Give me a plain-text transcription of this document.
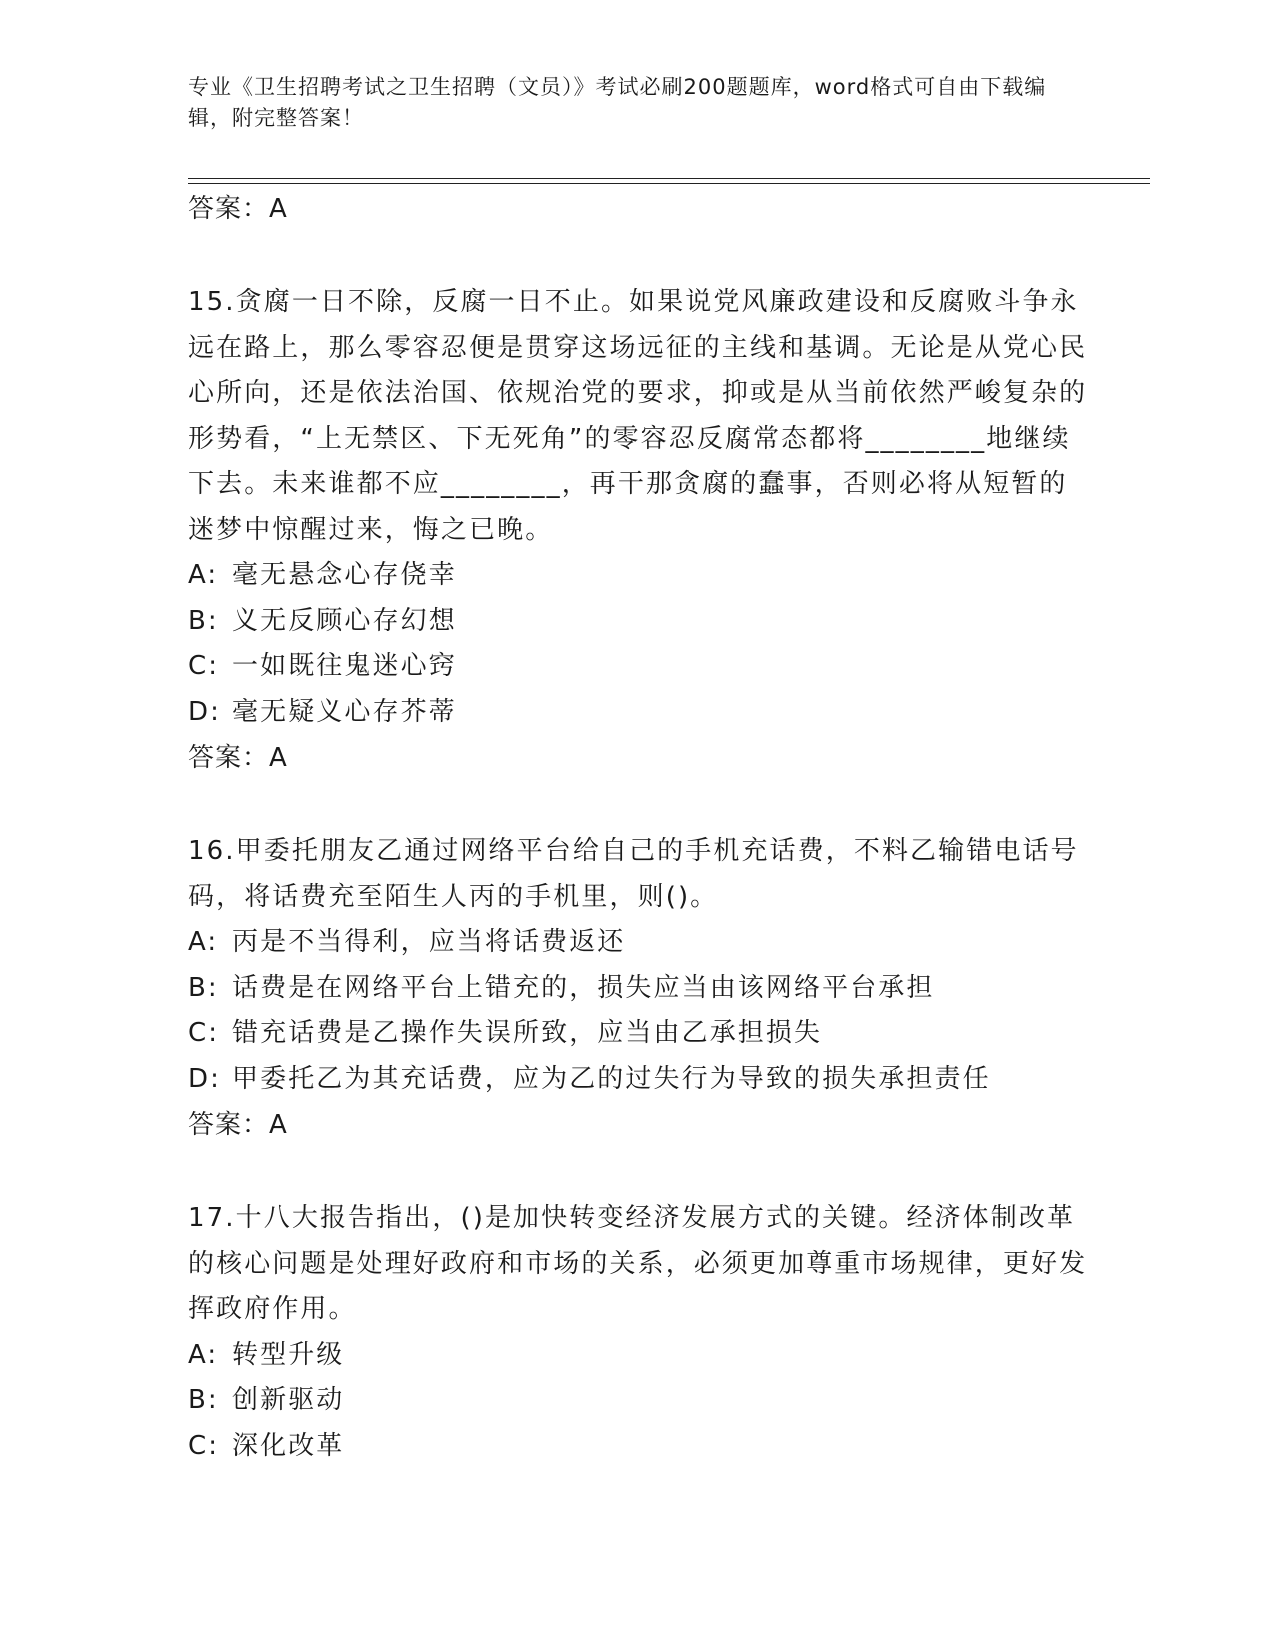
专业《卫生招聘考试之卫生招聘（文员）》考试必刷200题题库，word格式可自由下载编辑，附完整答案！
答案：A
15.贪腐一日不除，反腐一日不止。如果说党风廉政建设和反腐败斗争永远在路上，那么零容忍便是贯穿这场远征的主线和基调。无论是从党心民心所向，还是依法治国、依规治党的要求，抑或是从当前依然严峻复杂的形势看，“上无禁区、下无死角”的零容忍反腐常态都将________地继续下去。未来谁都不应________，再干那贪腐的蠢事，否则必将从短暂的迷梦中惊醒过来，悔之已晚。
A: 毫无悬念心存侥幸
B: 义无反顾心存幻想
C: 一如既往鬼迷心窍
D: 毫无疑义心存芥蒂
答案：A
16.甲委托朋友乙通过网络平台给自己的手机充话费，不料乙输错电话号码，将话费充至陌生人丙的手机里，则()。
A: 丙是不当得利，应当将话费返还
B: 话费是在网络平台上错充的，损失应当由该网络平台承担
C: 错充话费是乙操作失误所致，应当由乙承担损失
D: 甲委托乙为其充话费，应为乙的过失行为导致的损失承担责任
答案：A
17.十八大报告指出，()是加快转变经济发展方式的关键。经济体制改革的核心问题是处理好政府和市场的关系，必须更加尊重市场规律，更好发挥政府作用。
A: 转型升级
B: 创新驱动
C: 深化改革
